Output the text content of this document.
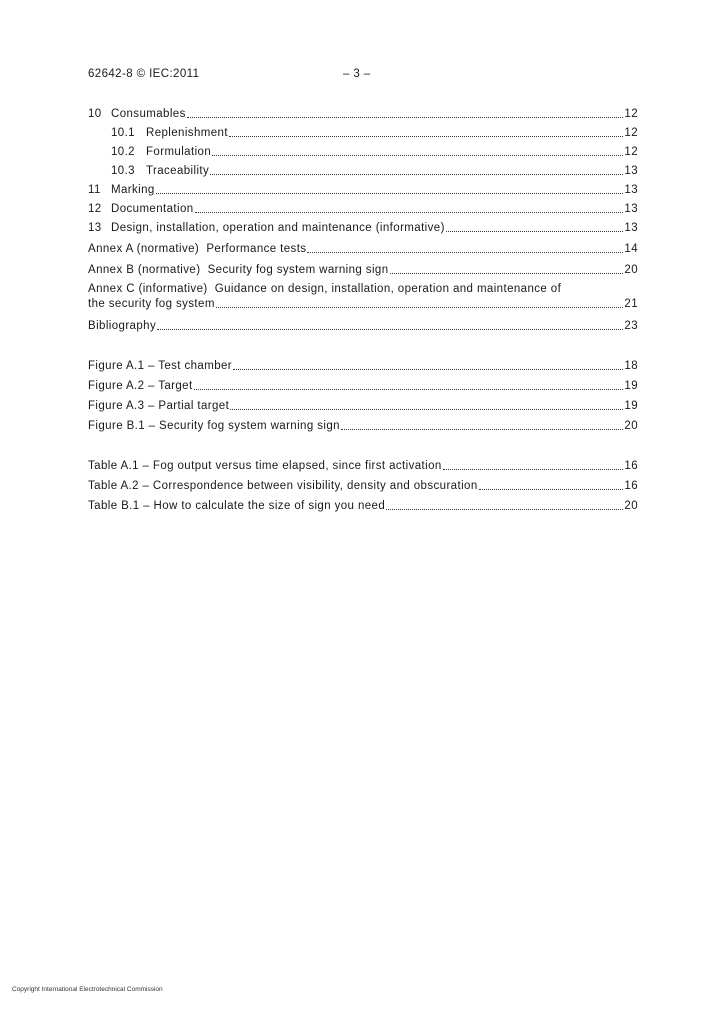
62642-8 © IEC:2011	– 3 –
10 Consumables	12
10.1 Replenishment	12
10.2 Formulation	12
10.3 Traceability	13
11 Marking	13
12 Documentation	13
13 Design, installation, operation and maintenance (informative)	13
Annex A (normative)  Performance tests	14
Annex B (normative)  Security fog system warning sign	20
Annex C (informative)  Guidance on design, installation, operation and maintenance of
the security fog system	21
Bibliography	23
Figure A.1 – Test chamber	18
Figure A.2 – Target	19
Figure A.3 – Partial target	19
Figure B.1 – Security fog system warning sign	20
Table A.1 – Fog output versus time elapsed, since first activation	16
Table A.2 – Correspondence between visibility, density and obscuration	16
Table B.1 – How to calculate the size of sign you need	20
Copyright International Electrotechnical Commission
